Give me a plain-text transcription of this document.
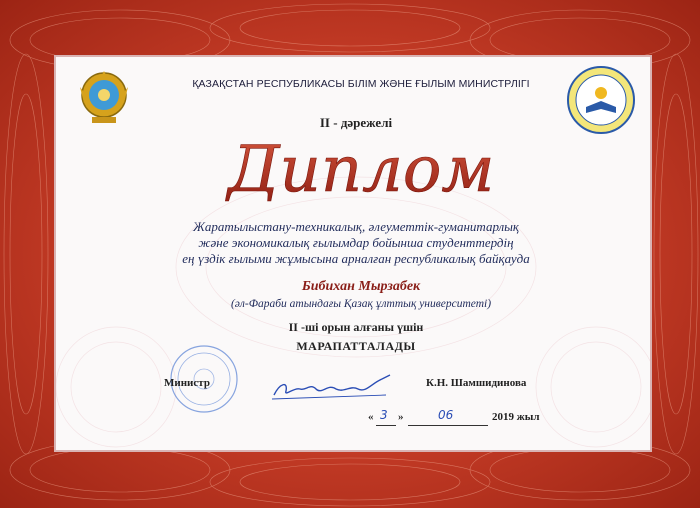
ҚАЗАҚСТАН РЕСПУБЛИКАСЫ БІЛІМ ЖӘНЕ ҒЫЛЫМ МИНИСТРЛІГІ
II - дәрежелі
Диплом
Жаратылыстану-техникалық, әлеуметтік-гуманитарлық
және экономикалық ғылымдар бойынша студенттердің
ең үздік ғылыми жұмысына арналған республикалық байқауда
Бибихан Мырзабек
(әл-Фараби атындағы Қазақ ұлттық университеті)
II -ші орын алғаны үшін
МАРАПАТТАЛАДЫ
Министр	К.Н. Шамшидинова
« 3 »	06	2019 жыл
